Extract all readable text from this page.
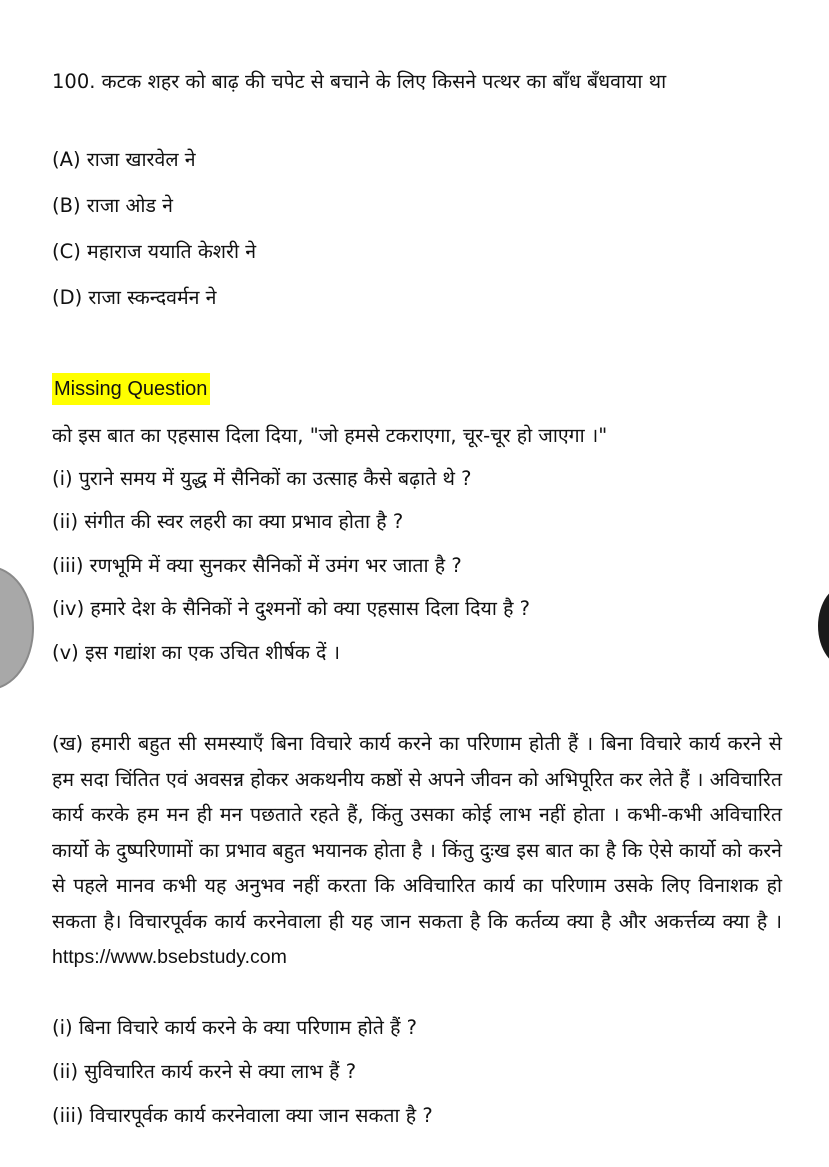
100. कटक शहर को बाढ़ की चपेट से बचाने के लिए किसने पत्थर का बाँध बँधवाया था
(A) राजा खारवेल ने
(B) राजा ओड ने
(C) महाराज ययाति केशरी ने
(D) राजा स्कन्दवर्मन ने
Missing Question
को इस बात का एहसास दिला दिया, "जो हमसे टकराएगा, चूर-चूर हो जाएगा ।"
(i) पुराने समय में युद्ध में सैनिकों का उत्साह कैसे बढ़ाते थे ?
(ii) संगीत की स्वर लहरी का क्या प्रभाव होता है ?
(iii) रणभूमि में क्या सुनकर सैनिकों में उमंग भर जाता है ?
(iv) हमारे देश के सैनिकों ने दुश्मनों को क्या एहसास दिला दिया है ?
(v) इस गद्यांश का एक उचित शीर्षक दें ।
(ख) हमारी बहुत सी समस्याएँ बिना विचारे कार्य करने का परिणाम होती हैं । बिना विचारे कार्य करने से हम सदा चिंतित एवं अवसन्न होकर अकथनीय कष्ठों से अपने जीवन को अभिपूरित कर लेते हैं । अविचारित कार्य करके हम मन ही मन पछताते रहते हैं, किंतु उसका कोई लाभ नहीं होता । कभी-कभी अविचारित कार्यो के दुष्परिणामों का प्रभाव बहुत भयानक होता है । किंतु दुःख इस बात का है कि ऐसे कार्यो को करने से पहले मानव कभी यह अनुभव नहीं करता कि अविचारित कार्य का परिणाम उसके लिए विनाशक हो सकता है। विचारपूर्वक कार्य करनेवाला ही यह जान सकता है कि कर्तव्य क्या है और अकर्त्तव्य क्या है । https://www.bsebstudy.com
(i) बिना विचारे कार्य करने के क्या परिणाम होते हैं ?
(ii) सुविचारित कार्य करने से क्या लाभ हैं ?
(iii) विचारपूर्वक कार्य करनेवाला क्या जान सकता है ?
